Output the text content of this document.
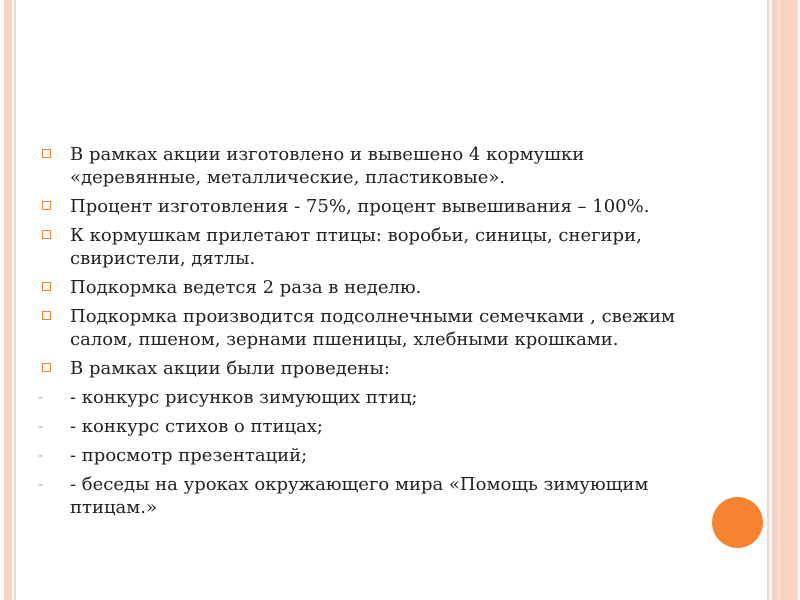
В рамках акции изготовлено и вывешено 4 кормушки «деревянные, металлические, пластиковые».
Процент изготовления - 75%, процент вывешивания – 100%.
К кормушкам прилетают птицы: воробьи, синицы, снегири, свиристели, дятлы.
Подкормка ведется 2 раза в неделю.
Подкормка производится подсолнечными семечками , свежим салом, пшеном, зернами пшеницы, хлебными крошками.
В рамках акции были проведены:
- - конкурс рисунков зимующих птиц;
- - конкурс стихов о птицах;
- - просмотр презентаций;
- - беседы на уроках окружающего мира «Помощь зимующим птицам.»
